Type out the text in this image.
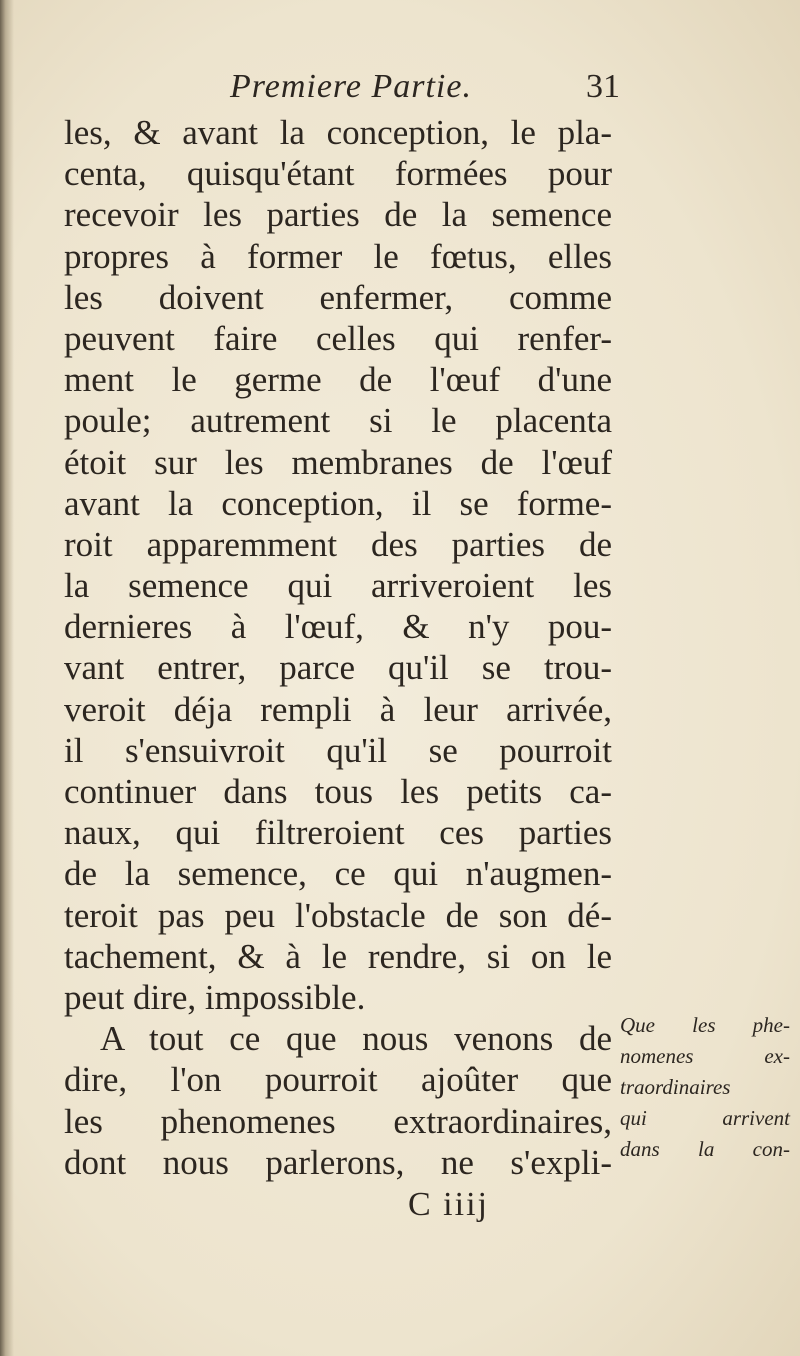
Premiere Partie.	31
les, & avant la conception, le pla-
centa, quisqu'étant formées pour
recevoir les parties de la semence
propres à former le fœtus, elles
les doivent enfermer, comme
peuvent faire celles qui renfer-
ment le germe de l'œuf d'une
poule; autrement si le placenta
étoit sur les membranes de l'œuf
avant la conception, il se forme-
roit apparemment des parties de
la semence qui arriveroient les
dernieres à l'œuf, & n'y pou-
vant entrer, parce qu'il se trou-
veroit déja rempli à leur arrivée,
il s'ensuivroit qu'il se pourroit
continuer dans tous les petits ca-
naux, qui filtreroient ces parties
de la semence, ce qui n'augmen-
teroit pas peu l'obstacle de son dé-
tachement, & à le rendre, si on le
peut dire, impossible.
A tout ce que nous venons de
dire, l'on pourroit ajoûter que
les phenomenes extraordinaires,
dont nous parlerons, ne s'expli-
C iiij
Que les phe-
nomenes ex-
traordinaires
qui arrivent
dans la con-
